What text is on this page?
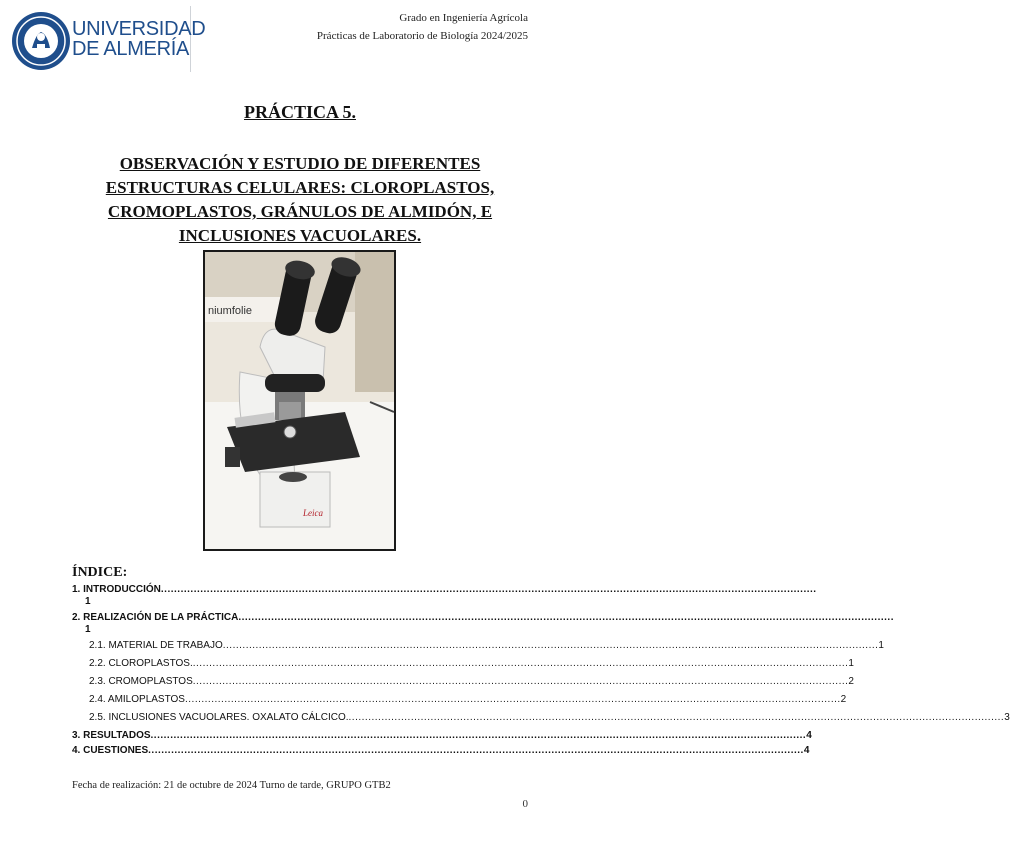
UNIVERSIDAD
DE ALMERÍA
Grado en Ingeniería Agrícola
Prácticas de Laboratorio de Biología 2024/2025
PRÁCTICA 5.
OBSERVACIÓN Y ESTUDIO DE DIFERENTES ESTRUCTURAS CELULARES: CLOROPLASTOS, CROMOPLASTOS, GRÁNULOS DE ALMIDÓN, E INCLUSIONES VACUOLARES.
niumfolie
Leica
ÍNDICE:
1. INTRODUCCIÓN ........................................................................................................................................................................................................
1
2. REALIZACIÓN DE LA PRÁCTICA ........................................................................................................................................................................................................
1
2.1. MATERIAL DE TRABAJO ........................................................................................................................................................................................................ 1
2.2. CLOROPLASTOS. ........................................................................................................................................................................................................ 1
2.3. CROMOPLASTOS ........................................................................................................................................................................................................ 2
2.4. AMILOPLASTOS ........................................................................................................................................................................................................ 2
2.5. INCLUSIONES VACUOLARES. OXALATO CÁLCICO. ........................................................................................................................................................................................................ 3
3. RESULTADOS ........................................................................................................................................................................................................ 4
4. CUESTIONES ........................................................................................................................................................................................................ 4
Fecha de realización: 21 de octubre de 2024 Turno de tarde, GRUPO GTB2
0
